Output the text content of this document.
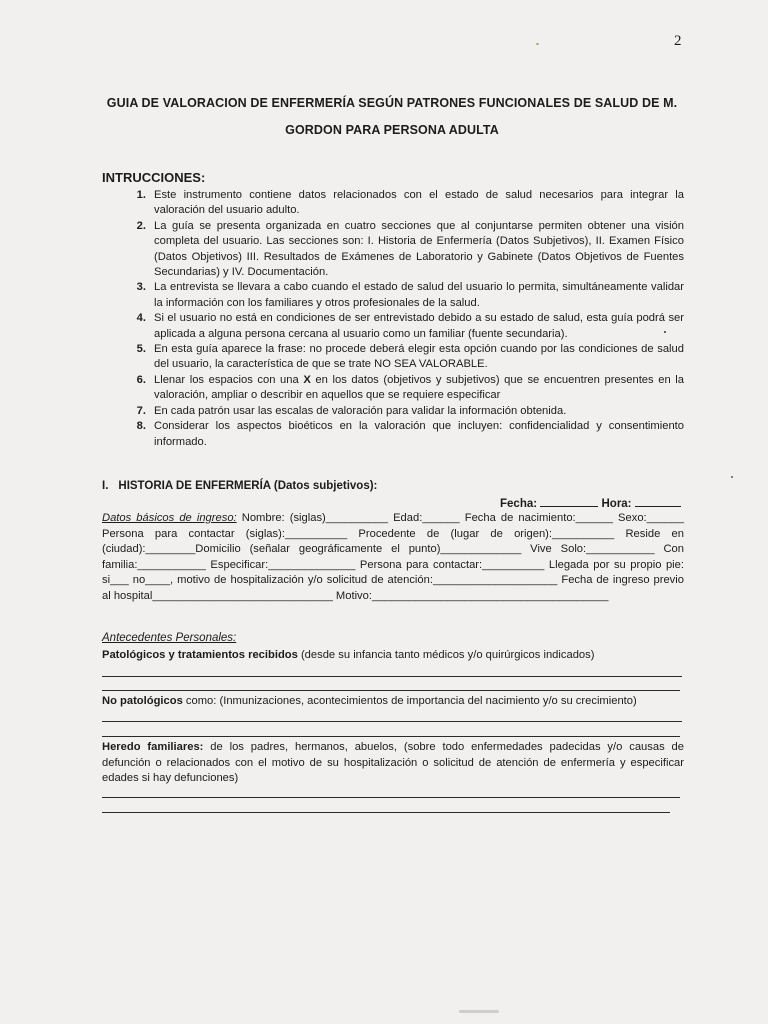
2
GUIA DE VALORACION DE ENFERMERÍA SEGÚN PATRONES FUNCIONALES DE SALUD DE M.
GORDON PARA PERSONA ADULTA
INTRUCCIONES:
1. Este instrumento contiene datos relacionados con el estado de salud necesarios para integrar la valoración del usuario adulto.
2. La guía se presenta organizada en cuatro secciones que al conjuntarse permiten obtener una visión completa del usuario. Las secciones son: I. Historia de Enfermería (Datos Subjetivos), II. Examen Físico (Datos Objetivos) III. Resultados de Exámenes de Laboratorio y Gabinete (Datos Objetivos de Fuentes Secundarias) y IV. Documentación.
3. La entrevista se llevara a cabo cuando el estado de salud del usuario lo permita, simultáneamente validar la información con los familiares y otros profesionales de la salud.
4. Si el usuario no está en condiciones de ser entrevistado debido a su estado de salud, esta guía podrá ser aplicada a alguna persona cercana al usuario como un familiar (fuente secundaria).
5. En esta guía aparece la frase: no procede deberá elegir esta opción cuando por las condiciones de salud del usuario, la característica de que se trate NO SEA VALORABLE.
6. Llenar los espacios con una X en los datos (objetivos y subjetivos) que se encuentren presentes en la valoración, ampliar o describir en aquellos que se requiere especificar
7. En cada patrón usar las escalas de valoración para validar la información obtenida.
8. Considerar los aspectos bioéticos en la valoración que incluyen: confidencialidad y consentimiento informado.
I. HISTORIA DE ENFERMERÍA (Datos subjetivos):
Fecha:	Hora:
Datos básicos de ingreso: Nombre: (siglas)__________ Edad:______ Fecha de nacimiento:______ Sexo:______ Persona para contactar (siglas):__________ Procedente de (lugar de origen):__________ Reside en (ciudad):________Domicilio (señalar geográficamente el punto)_____________ Vive Solo:___________ Con familia:___________ Especificar:______________ Persona para contactar:__________ Llegada por su propio pie: si___ no____, motivo de hospitalización y/o solicitud de atención:____________________ Fecha de ingreso previo al hospital_____________________________ Motivo:______________________________________
Antecedentes Personales:
Patológicos y tratamientos recibidos (desde su infancia tanto médicos y/o quirúrgicos indicados)
No patológicos como: (Inmunizaciones, acontecimientos de importancia del nacimiento y/o su crecimiento)
Heredo familiares: de los padres, hermanos, abuelos, (sobre todo enfermedades padecidas y/o causas de defunción o relacionados con el motivo de su hospitalización o solicitud de atención de enfermería y especificar edades si hay defunciones)
